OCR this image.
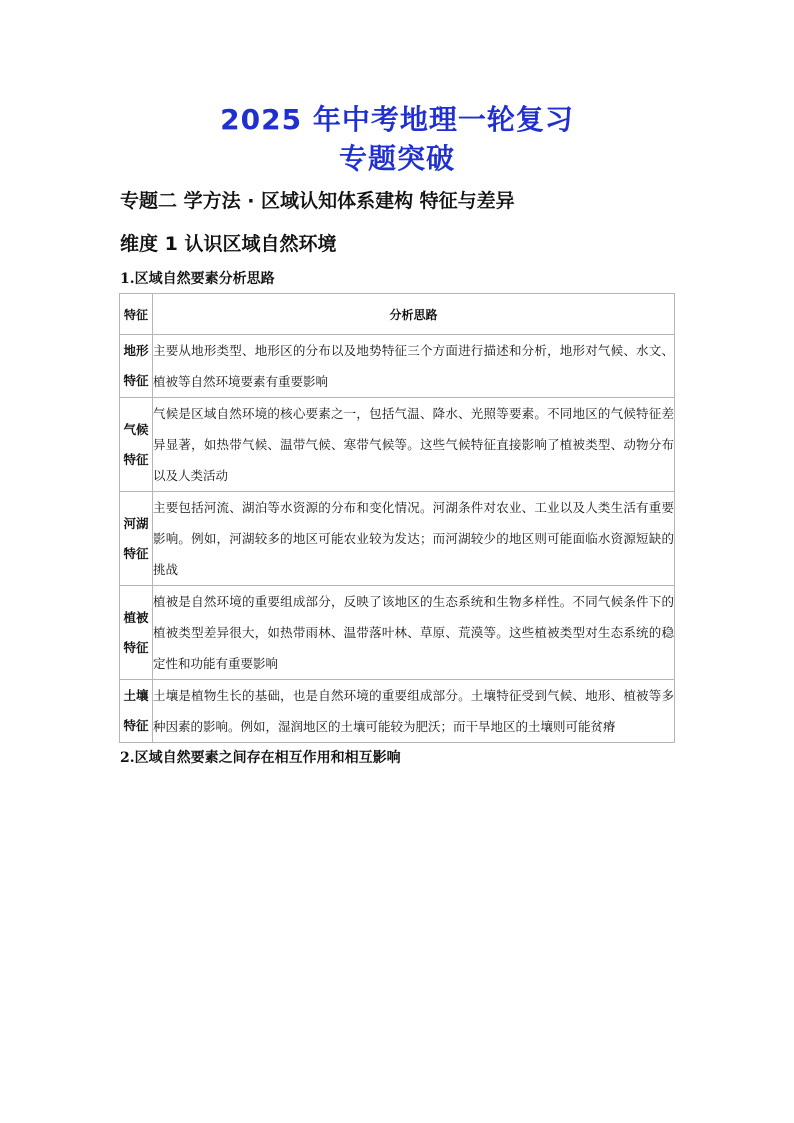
2025 年中考地理一轮复习
专题突破
专题二 学方法 · 区域认知体系建构 特征与差异
维度 1 认识区域自然环境
1.区域自然要素分析思路
特征	分析思路

地形
特征	主要从地形类型、地形区的分布以及地势特征三个方面进行描述和分析，地形对气候、水文、植被等自然环境要素有重要影响

气候
特征	气候是区域自然环境的核心要素之一，包括气温、降水、光照等要素。不同地区的气候特征差异显著，如热带气候、温带气候、寒带气候等。这些气候特征直接影响了植被类型、动物分布以及人类活动

河湖
特征	主要包括河流、湖泊等水资源的分布和变化情况。河湖条件对农业、工业以及人类生活有重要影响。例如，河湖较多的地区可能农业较为发达；而河湖较少的地区则可能面临水资源短缺的挑战

植被
特征	植被是自然环境的重要组成部分，反映了该地区的生态系统和生物多样性。不同气候条件下的植被类型差异很大，如热带雨林、温带落叶林、草原、荒漠等。这些植被类型对生态系统的稳定性和功能有重要影响

土壤
特征	土壤是植物生长的基础，也是自然环境的重要组成部分。土壤特征受到气候、地形、植被等多种因素的影响。例如，湿润地区的土壤可能较为肥沃；而干旱地区的土壤则可能贫瘠
2.区域自然要素之间存在相互作用和相互影响
